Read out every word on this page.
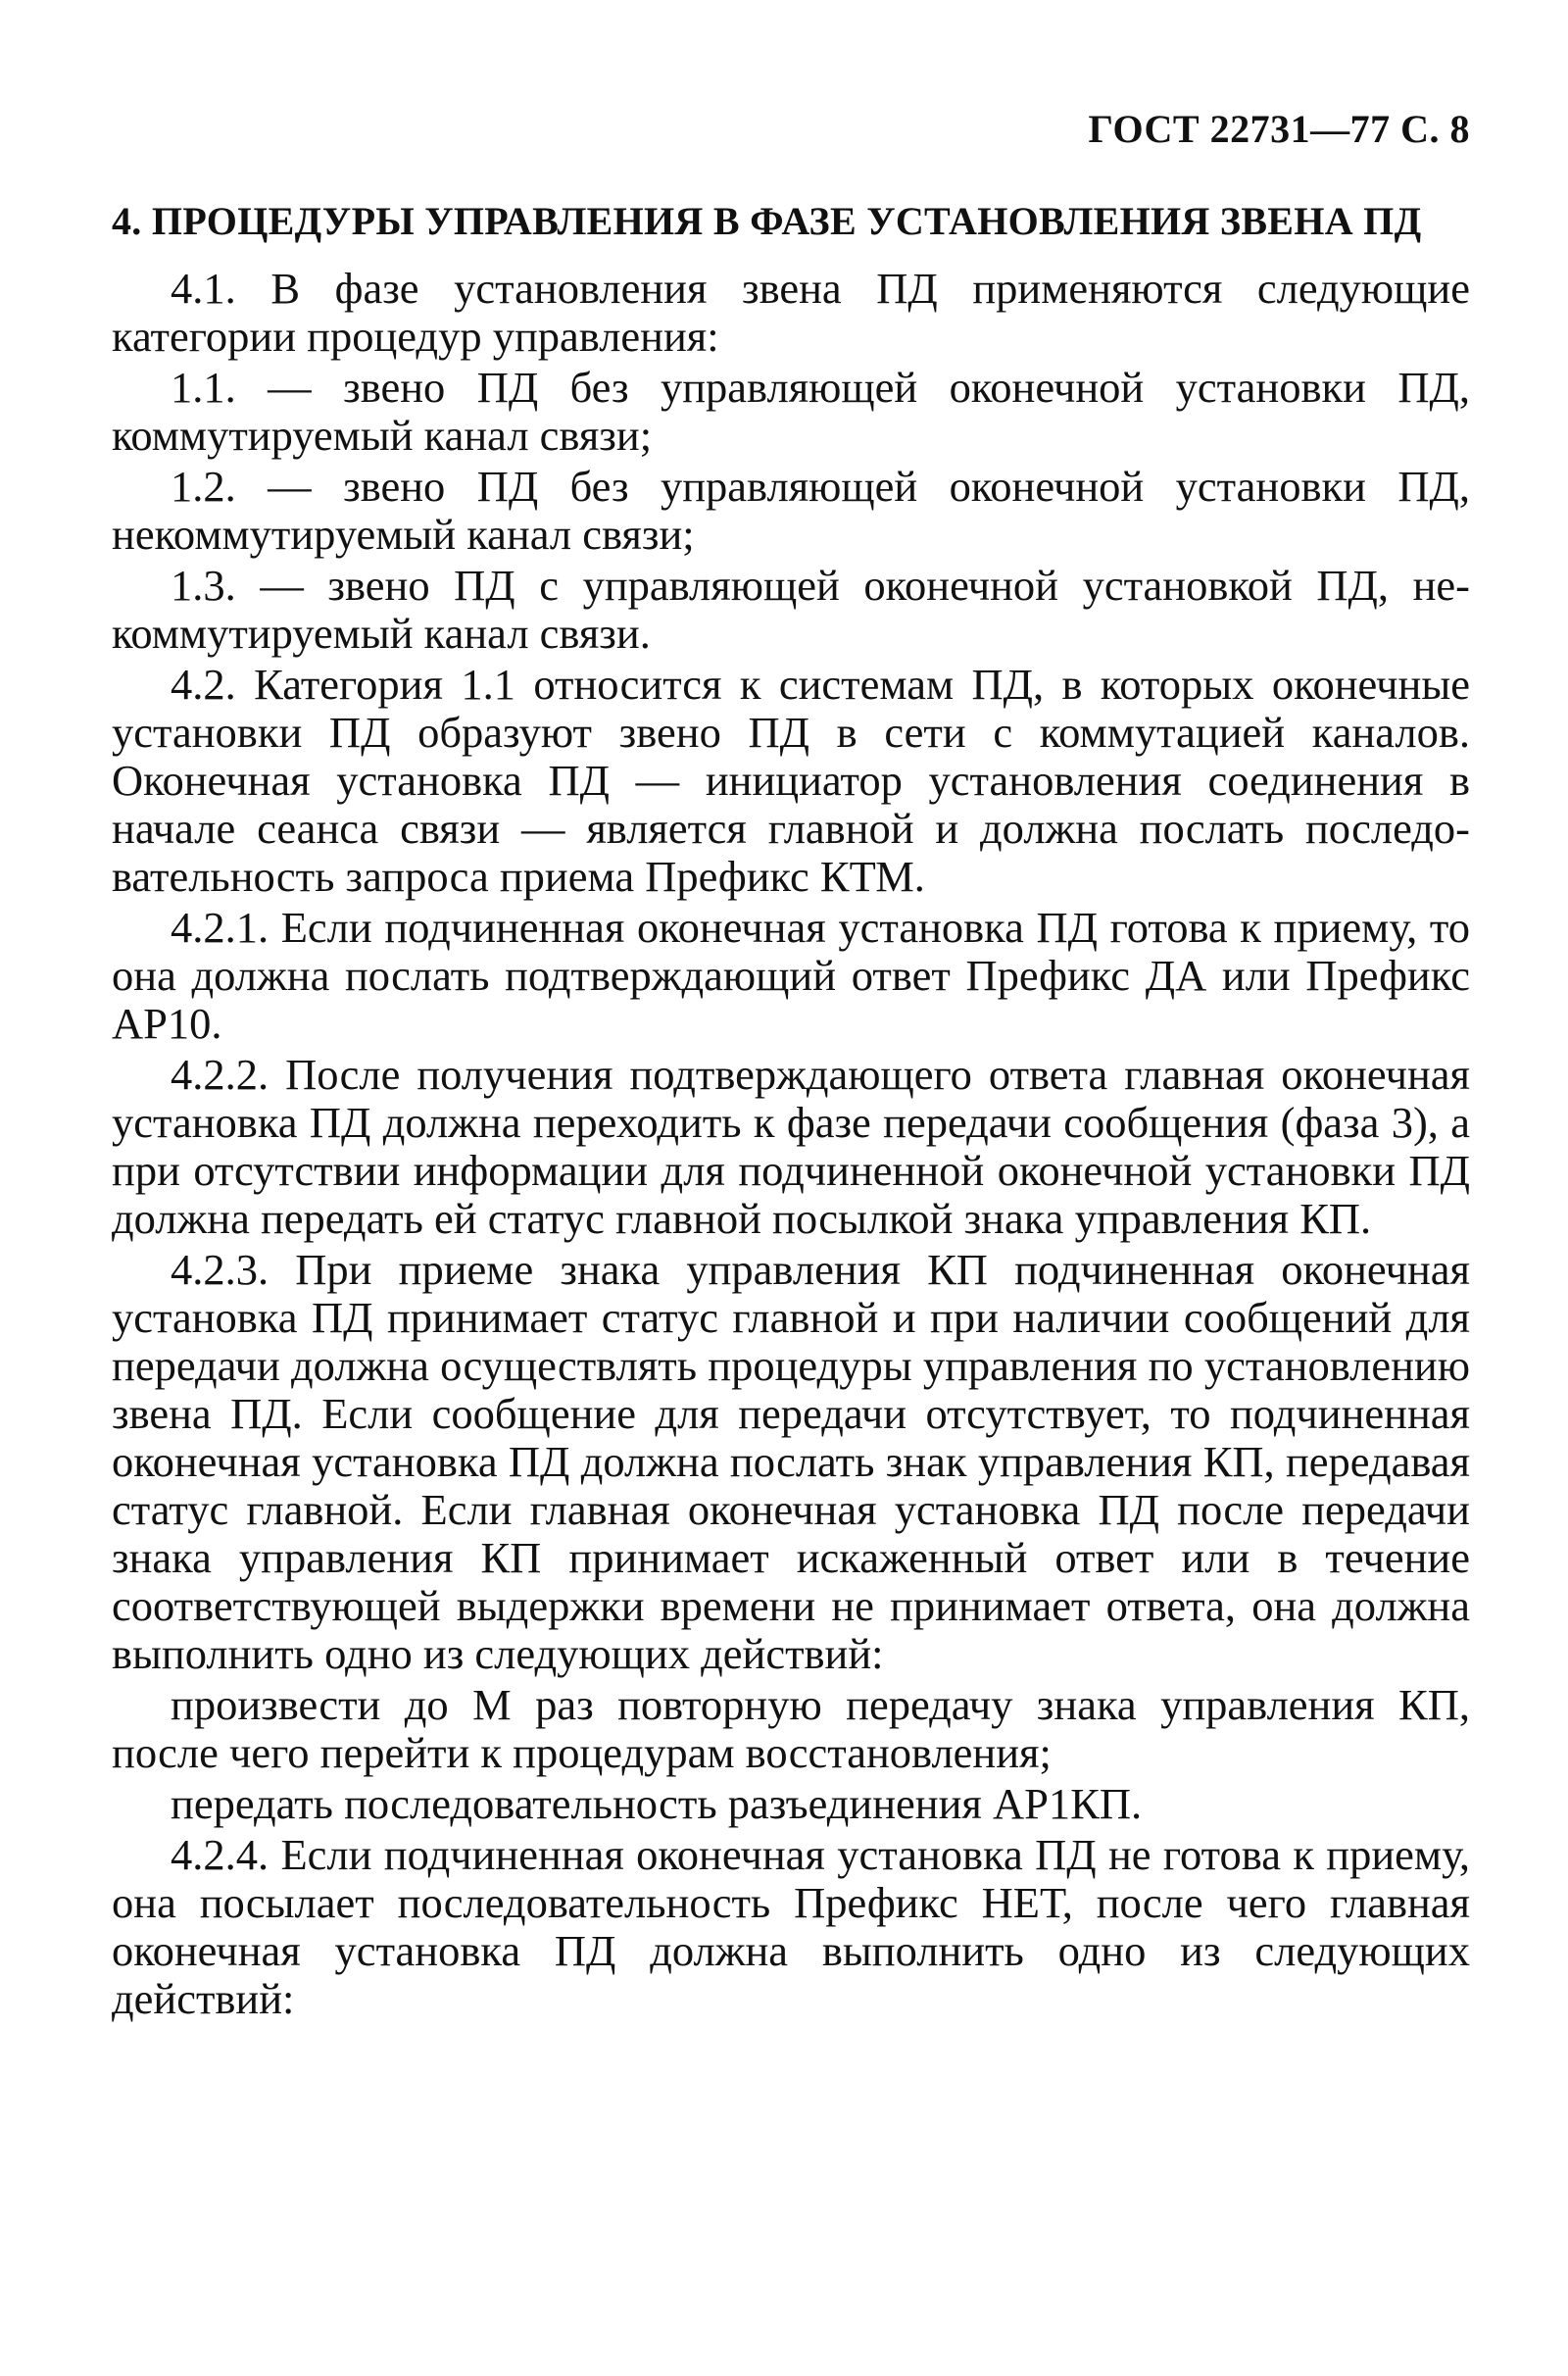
ГОСТ 22731—77 С. 8
4. ПРОЦЕДУРЫ УПРАВЛЕНИЯ В ФАЗЕ УСТАНОВЛЕНИЯ ЗВЕНА ПД

4.1. В фазе установления звена ПД применяются следующие категории процедур управления:

1.1. — звено ПД без управляющей оконечной установки ПД, коммутируемый канал связи;

1.2. — звено ПД без управляющей оконечной установки ПД, некоммутируемый канал связи;

1.3. — звено ПД с управляющей оконечной установкой ПД, некоммутируемый канал связи.

4.2. Категория 1.1 относится к системам ПД, в которых оконечные установки ПД образуют звено ПД в сети с коммутацией каналов. Оконечная установка ПД — инициатор установления соединения в начале сеанса связи — является главной и должна послать последовательность запроса приема Префикс КТМ.

4.2.1. Если подчиненная оконечная установка ПД готова к приему, то она должна послать подтверждающий ответ Префикс ДА или Префикс АР10.

4.2.2. После получения подтверждающего ответа главная оконечная установка ПД должна переходить к фазе передачи сообщения (фаза 3), а при отсутствии информации для подчиненной оконечной установки ПД должна передать ей статус главной посылкой знака управления КП.

4.2.3. При приеме знака управления КП подчиненная оконечная установка ПД принимает статус главной и при наличии сообщений для передачи должна осуществлять процедуры управления по установлению звена ПД. Если сообщение для передачи отсутствует, то подчиненная оконечная установка ПД должна послать знак управления КП, передавая статус главной. Если главная оконечная установка ПД после передачи знака управления КП принимает искаженный ответ или в течение соответствующей выдержки времени не принимает ответа, она должна выполнить одно из следующих действий:

произвести до М раз повторную передачу знака управления КП, после чего перейти к процедурам восстановления;

передать последовательность разъединения АР1КП.

4.2.4. Если подчиненная оконечная установка ПД не готова к приему, она посылает последовательность Префикс НЕТ, после чего главная оконечная установка ПД должна выполнить одно из следующих действий:
